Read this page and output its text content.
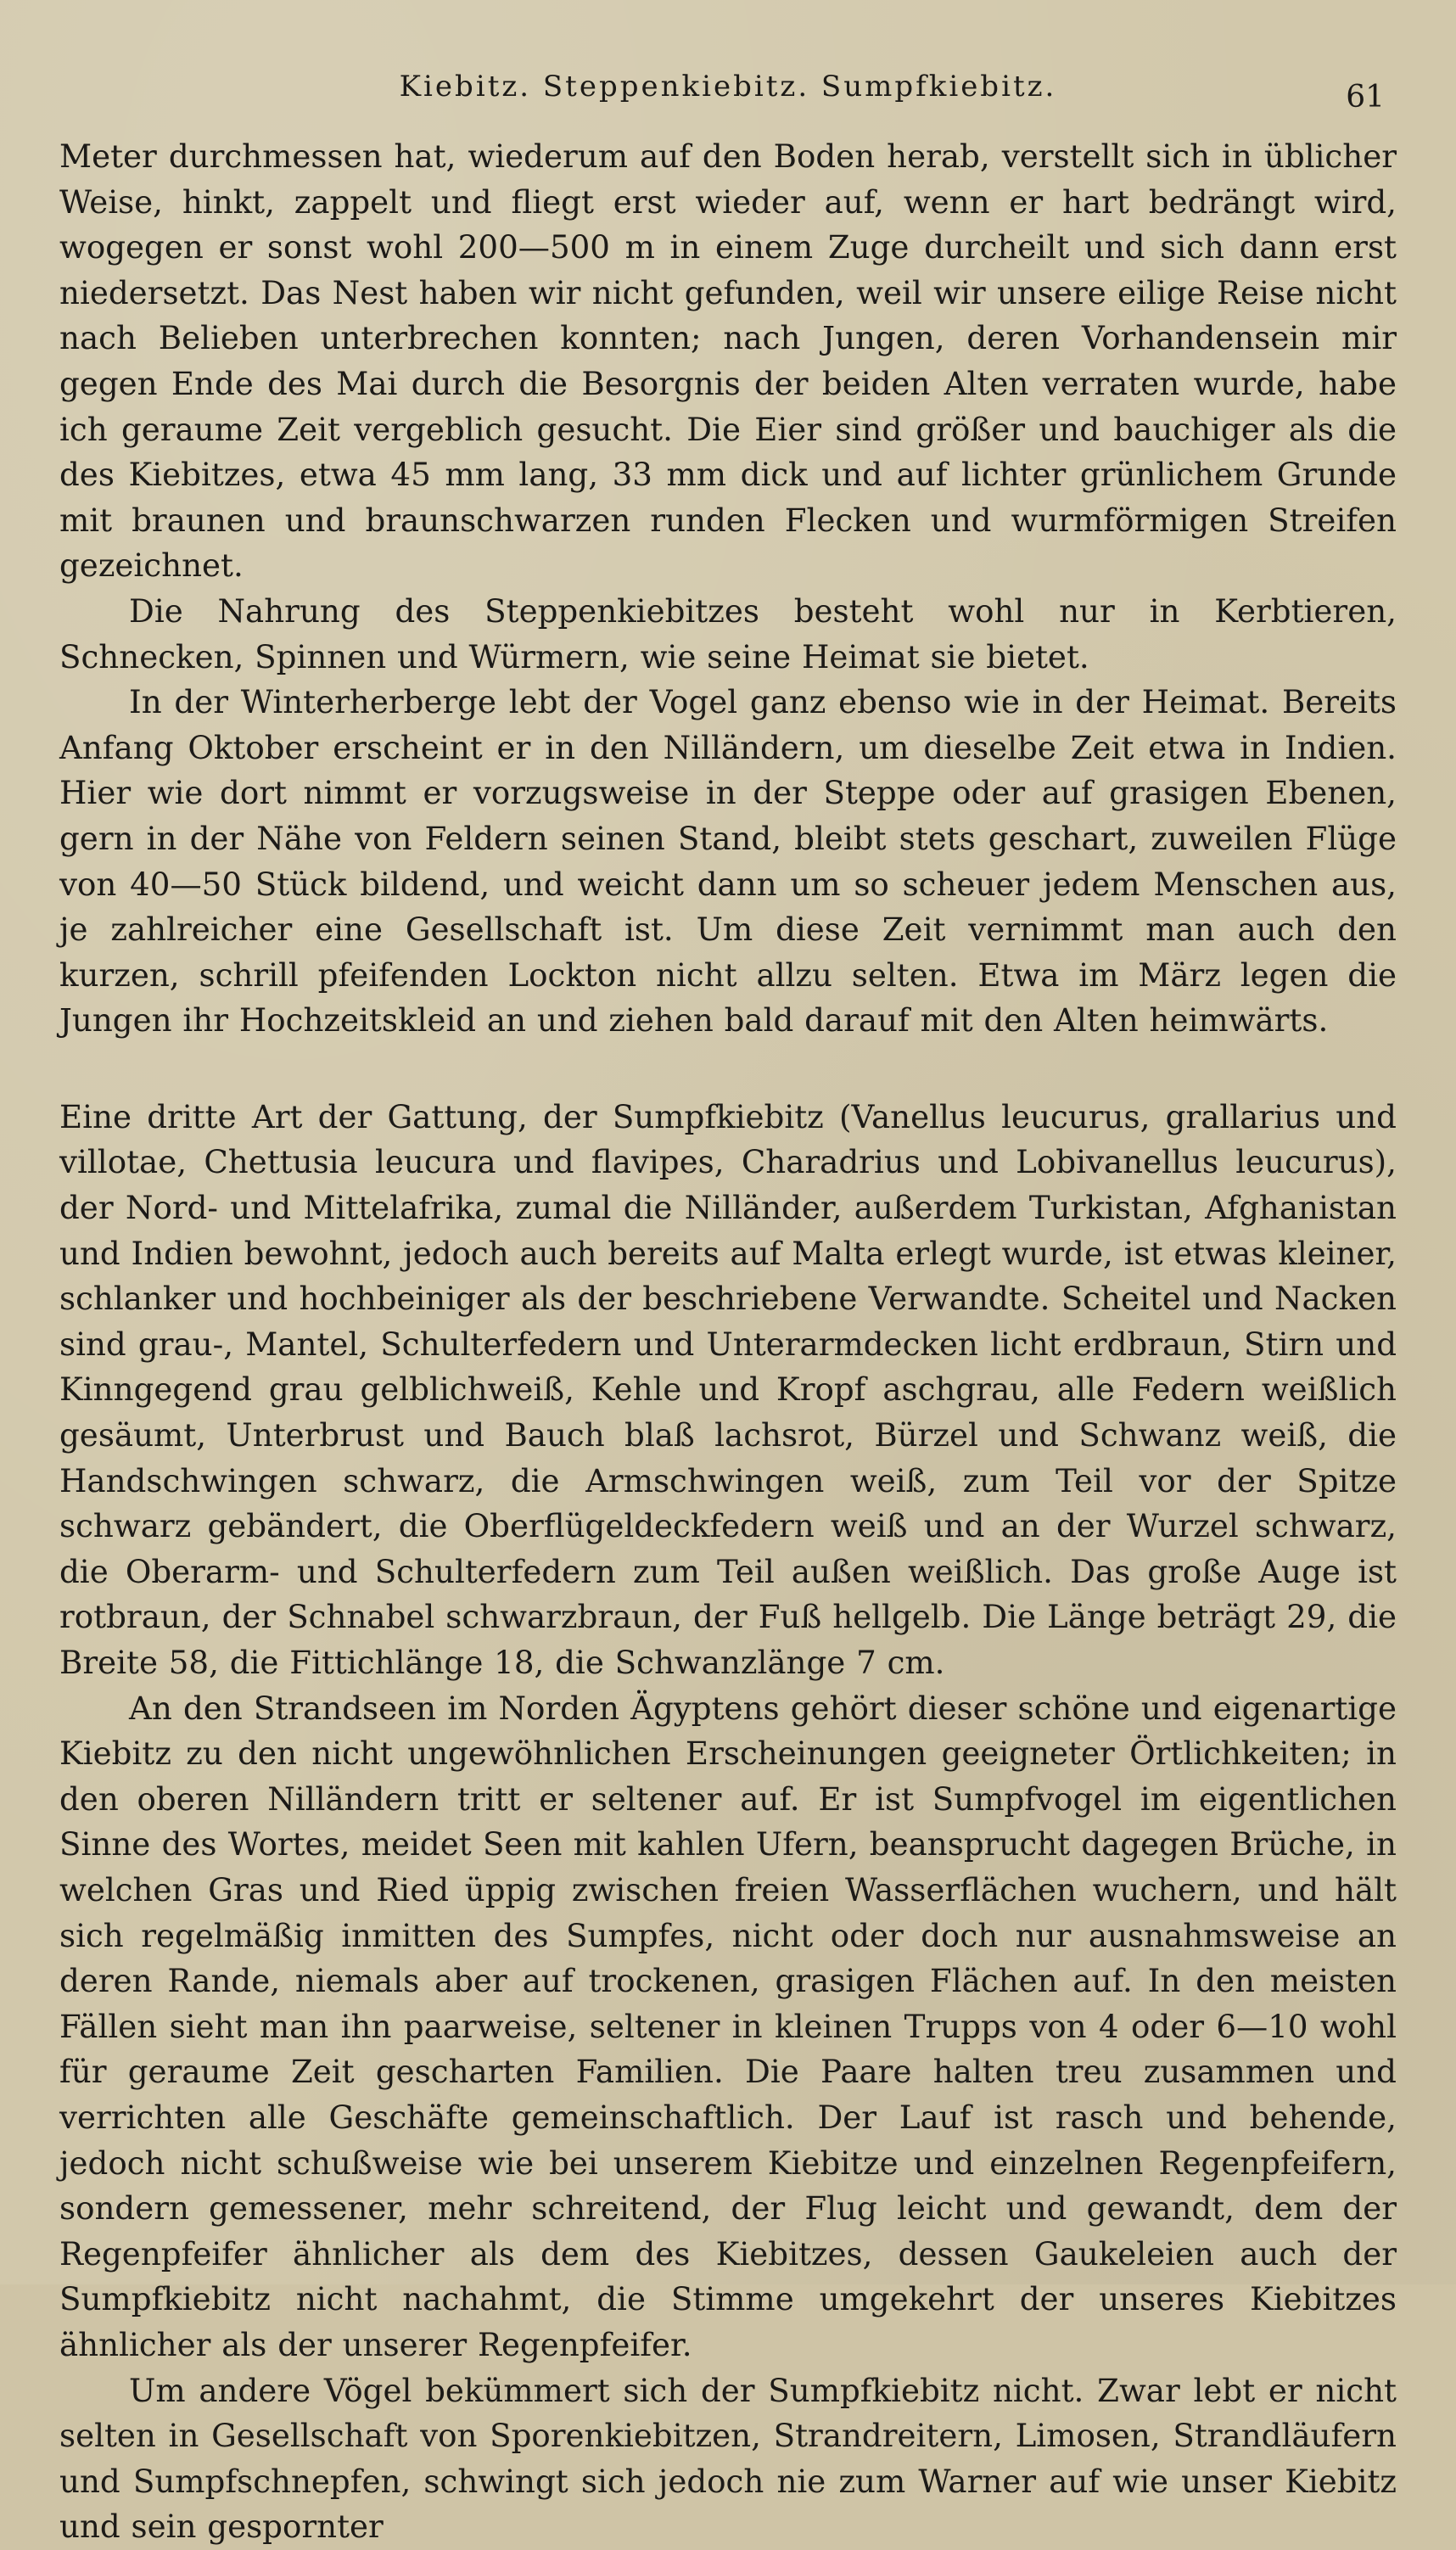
Kiebitz. Steppenkiebitz. Sumpfkiebitz.	61

Meter durchmessen hat, wiederum auf den Boden herab, verstellt sich in üblicher Weise, hinkt, zappelt und fliegt erst wieder auf, wenn er hart bedrängt wird, wogegen er sonst wohl 200—500 m in einem Zuge durcheilt und sich dann erst niedersetzt. Das Nest haben wir nicht gefunden, weil wir unsere eilige Reise nicht nach Belieben unterbrechen konnten; nach Jungen, deren Vorhandensein mir gegen Ende des Mai durch die Besorgnis der beiden Alten verraten wurde, habe ich geraume Zeit vergeblich gesucht. Die Eier sind größer und bauchiger als die des Kiebitzes, etwa 45 mm lang, 33 mm dick und auf lichter grünlichem Grunde mit braunen und braunschwarzen runden Flecken und wurmförmigen Streifen gezeichnet.

Die Nahrung des Steppenkiebitzes besteht wohl nur in Kerbtieren, Schnecken, Spinnen und Würmern, wie seine Heimat sie bietet.

In der Winterherberge lebt der Vogel ganz ebenso wie in der Heimat. Bereits Anfang Oktober erscheint er in den Nilländern, um dieselbe Zeit etwa in Indien. Hier wie dort nimmt er vorzugsweise in der Steppe oder auf grasigen Ebenen, gern in der Nähe von Feldern seinen Stand, bleibt stets geschart, zuweilen Flüge von 40—50 Stück bildend, und weicht dann um so scheuer jedem Menschen aus, je zahlreicher eine Gesellschaft ist. Um diese Zeit vernimmt man auch den kurzen, schrill pfeifenden Lockton nicht allzu selten. Etwa im März legen die Jungen ihr Hochzeitskleid an und ziehen bald darauf mit den Alten heimwärts.

Eine dritte Art der Gattung, der Sumpfkiebitz (Vanellus leucurus, grallarius und villotae, Chettusia leucura und flavipes, Charadrius und Lobivanellus leucurus), der Nord- und Mittelafrika, zumal die Nilländer, außerdem Turkistan, Afghanistan und Indien bewohnt, jedoch auch bereits auf Malta erlegt wurde, ist etwas kleiner, schlanker und hochbeiniger als der beschriebene Verwandte. Scheitel und Nacken sind grau-, Mantel, Schulterfedern und Unterarmdecken licht erdbraun, Stirn und Kinngegend grau gelblichweiß, Kehle und Kropf aschgrau, alle Federn weißlich gesäumt, Unterbrust und Bauch blaß lachsrot, Bürzel und Schwanz weiß, die Handschwingen schwarz, die Armschwingen weiß, zum Teil vor der Spitze schwarz gebändert, die Oberflügeldeckfedern weiß und an der Wurzel schwarz, die Oberarm- und Schulterfedern zum Teil außen weißlich. Das große Auge ist rotbraun, der Schnabel schwarzbraun, der Fuß hellgelb. Die Länge beträgt 29, die Breite 58, die Fittichlänge 18, die Schwanzlänge 7 cm.

An den Strandseen im Norden Ägyptens gehört dieser schöne und eigenartige Kiebitz zu den nicht ungewöhnlichen Erscheinungen geeigneter Örtlichkeiten; in den oberen Nilländern tritt er seltener auf. Er ist Sumpfvogel im eigentlichen Sinne des Wortes, meidet Seen mit kahlen Ufern, beansprucht dagegen Brüche, in welchen Gras und Ried üppig zwischen freien Wasserflächen wuchern, und hält sich regelmäßig inmitten des Sumpfes, nicht oder doch nur ausnahmsweise an deren Rande, niemals aber auf trockenen, grasigen Flächen auf. In den meisten Fällen sieht man ihn paarweise, seltener in kleinen Trupps von 4 oder 6—10 wohl für geraume Zeit gescharten Familien. Die Paare halten treu zusammen und verrichten alle Geschäfte gemeinschaftlich. Der Lauf ist rasch und behende, jedoch nicht schußweise wie bei unserem Kiebitze und einzelnen Regenpfeifern, sondern gemessener, mehr schreitend, der Flug leicht und gewandt, dem der Regenpfeifer ähnlicher als dem des Kiebitzes, dessen Gaukeleien auch der Sumpfkiebitz nicht nachahmt, die Stimme umgekehrt der unseres Kiebitzes ähnlicher als der unserer Regenpfeifer.

Um andere Vögel bekümmert sich der Sumpfkiebitz nicht. Zwar lebt er nicht selten in Gesellschaft von Sporenkiebitzen, Strandreitern, Limosen, Strandläufern und Sumpfschnepfen, schwingt sich jedoch nie zum Warner auf wie unser Kiebitz und sein gespornter
